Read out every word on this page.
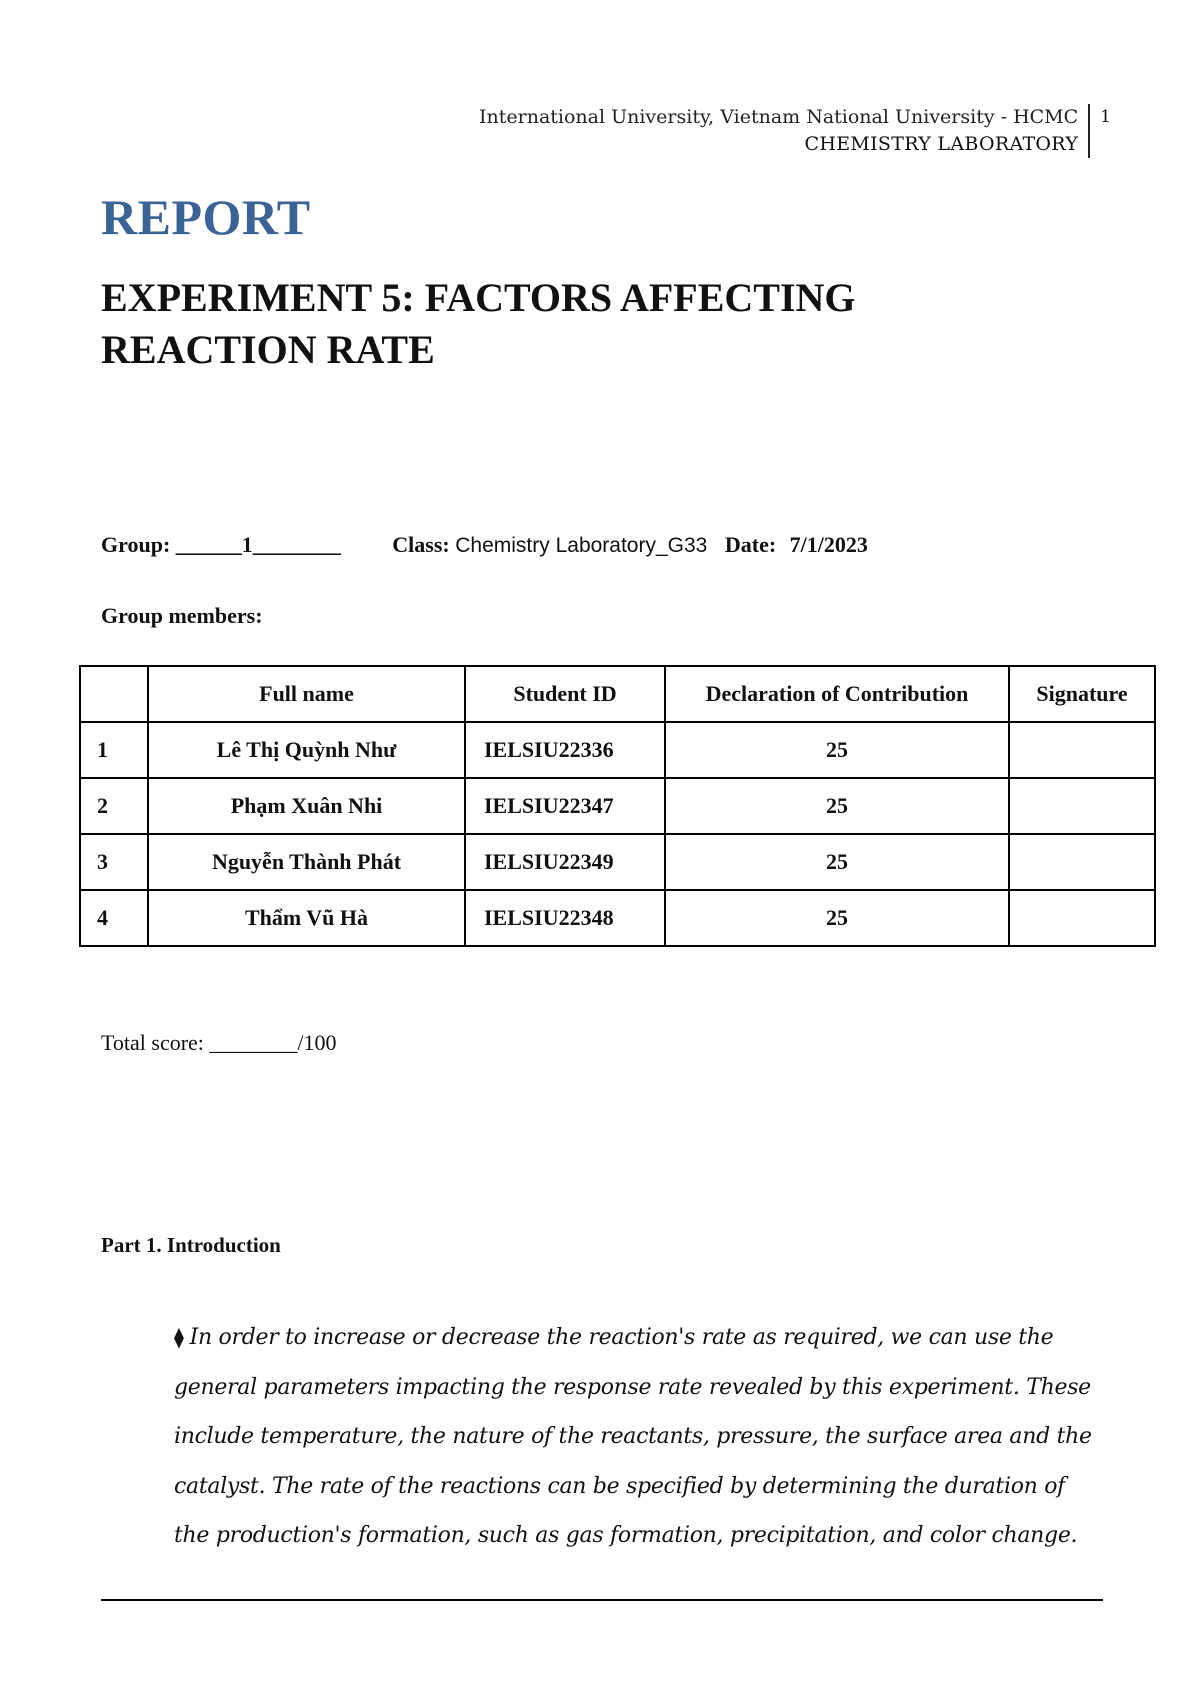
International University, Vietnam National University - HCMC
CHEMISTRY LABORATORY
1
REPORT
EXPERIMENT 5: FACTORS AFFECTING REACTION RATE
Group: ______1________ Class: Chemistry Laboratory_G33 Date: 7/1/2023
Group members:
	Full name	Student ID	Declaration of Contribution	Signature
1	Lê Thị Quỳnh Như	IELSIU22336	25	
2	Phạm Xuân Nhi	IELSIU22347	25	
3	Nguyễn Thành Phát	IELSIU22349	25	
4	Thẩm Vũ Hà	IELSIU22348	25	
Total score: ________/100
Part 1. Introduction
⧫ In order to increase or decrease the reaction's rate as required, we can use the general parameters impacting the response rate revealed by this experiment. These include temperature, the nature of the reactants, pressure, the surface area and the catalyst. The rate of the reactions can be specified by determining the duration of the production's formation, such as gas formation, precipitation, and color change.
